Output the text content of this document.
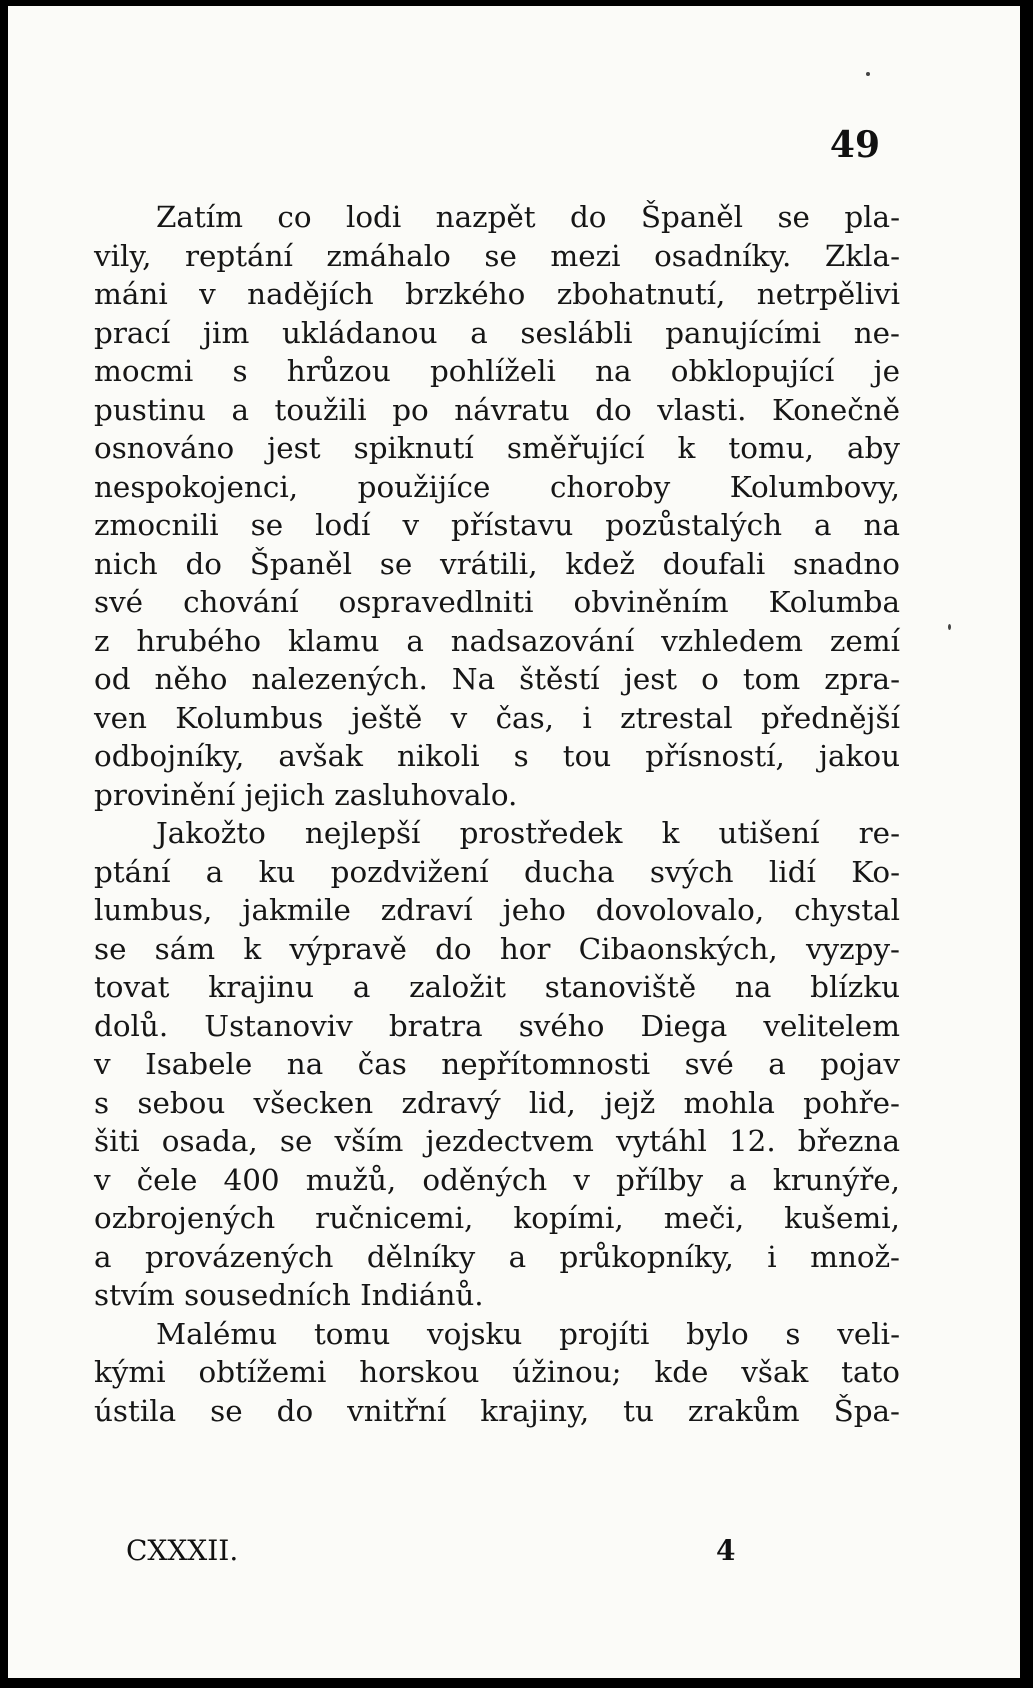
49
Zatím co lodi nazpět do Španěl se pla-
vily, reptání zmáhalo se mezi osadníky. Zkla-
máni v nadějích brzkého zbohatnutí, netrpělivi
prací jim ukládanou a seslábli panujícími ne-
mocmi s hrůzou pohlíželi na obklopující je
pustinu a toužili po návratu do vlasti. Konečně
osnováno jest spiknutí směřující k tomu, aby
nespokojenci, použijíce choroby Kolumbovy,
zmocnili se lodí v přístavu pozůstalých a na
nich do Španěl se vrátili, kdež doufali snadno
své chování ospravedlniti obviněním Kolumba
z hrubého klamu a nadsazování vzhledem zemí
od něho nalezených. Na štěstí jest o tom zpra-
ven Kolumbus ještě v čas, i ztrestal přednější
odbojníky, avšak nikoli s tou přísností, jakou
provinění jejich zasluhovalo.
Jakožto nejlepší prostředek k utišení re-
ptání a ku pozdvižení ducha svých lidí Ko-
lumbus, jakmile zdraví jeho dovolovalo, chystal
se sám k výpravě do hor Cibaonských, vyzpy-
tovat krajinu a založit stanoviště na blízku
dolů. Ustanoviv bratra svého Diega velitelem
v Isabele na čas nepřítomnosti své a pojav
s sebou všecken zdravý lid, jejž mohla pohře-
šiti osada, se vším jezdectvem vytáhl 12. března
v čele 400 mužů, oděných v přílby a krunýře,
ozbrojených ručnicemi, kopími, meči, kušemi,
a provázených dělníky a průkopníky, i množ-
stvím sousedních Indiánů.
Malému tomu vojsku projíti bylo s veli-
kými obtížemi horskou úžinou; kde však tato
ústila se do vnitřní krajiny, tu zrakům Špa-
CXXXII.	4
